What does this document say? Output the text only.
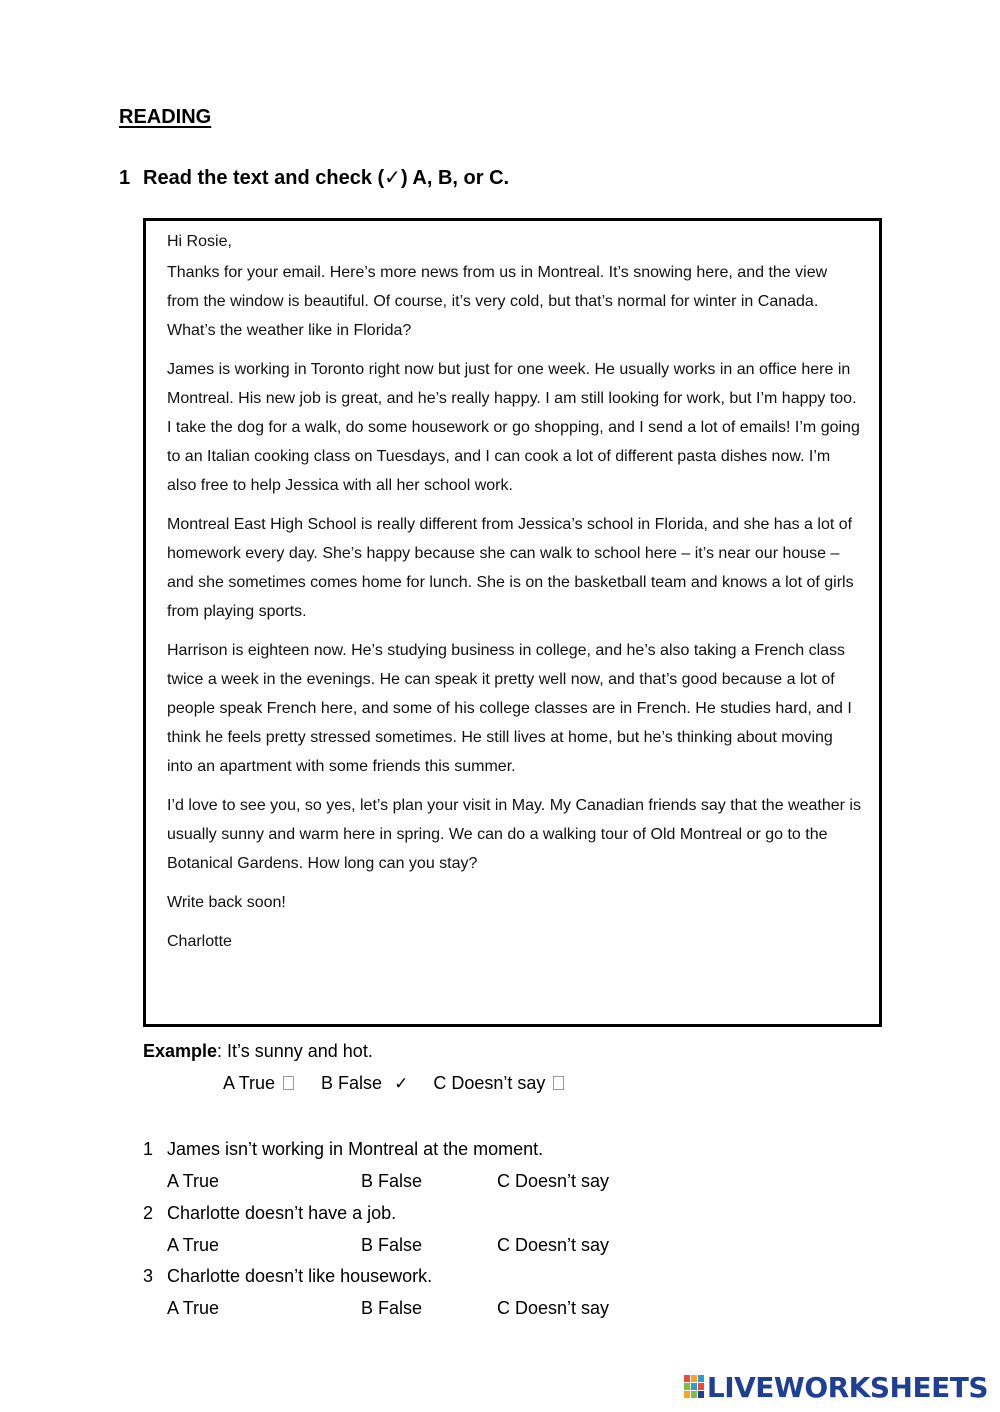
READING
1 Read the text and check (✓) A, B, or C.

Hi Rosie,

Thanks for your email. Here’s more news from us in Montreal. It’s snowing here, and the view from the window is beautiful. Of course, it’s very cold, but that’s normal for winter in Canada. What’s the weather like in Florida?

James is working in Toronto right now but just for one week. He usually works in an office here in Montreal. His new job is great, and he’s really happy. I am still looking for work, but I’m happy too. I take the dog for a walk, do some housework or go shopping, and I send a lot of emails! I’m going to an Italian cooking class on Tuesdays, and I can cook a lot of different pasta dishes now. I’m also free to help Jessica with all her school work.

Montreal East High School is really different from Jessica’s school in Florida, and she has a lot of homework every day. She’s happy because she can walk to school here – it’s near our house – and she sometimes comes home for lunch. She is on the basketball team and knows a lot of girls from playing sports.

Harrison is eighteen now. He’s studying business in college, and he’s also taking a French class twice a week in the evenings. He can speak it pretty well now, and that’s good because a lot of people speak French here, and some of his college classes are in French. He studies hard, and I think he feels pretty stressed sometimes. He still lives at home, but he’s thinking about moving into an apartment with some friends this summer.

I’d love to see you, so yes, let’s plan your visit in May. My Canadian friends say that the weather is usually sunny and warm here in spring. We can do a walking tour of Old Montreal or go to the Botanical Gardens. How long can you stay?

Write back soon!

Charlotte

Example: It’s sunny and hot.
A True	B False ✓ C Doesn’t say
1 James isn’t working in Montreal at the moment.
A True	B False	C Doesn’t say
2 Charlotte doesn’t have a job.
A True	B False	C Doesn’t say
3 Charlotte doesn’t like housework.
A True	B False	C Doesn’t say
LIVEWORKSHEETS
